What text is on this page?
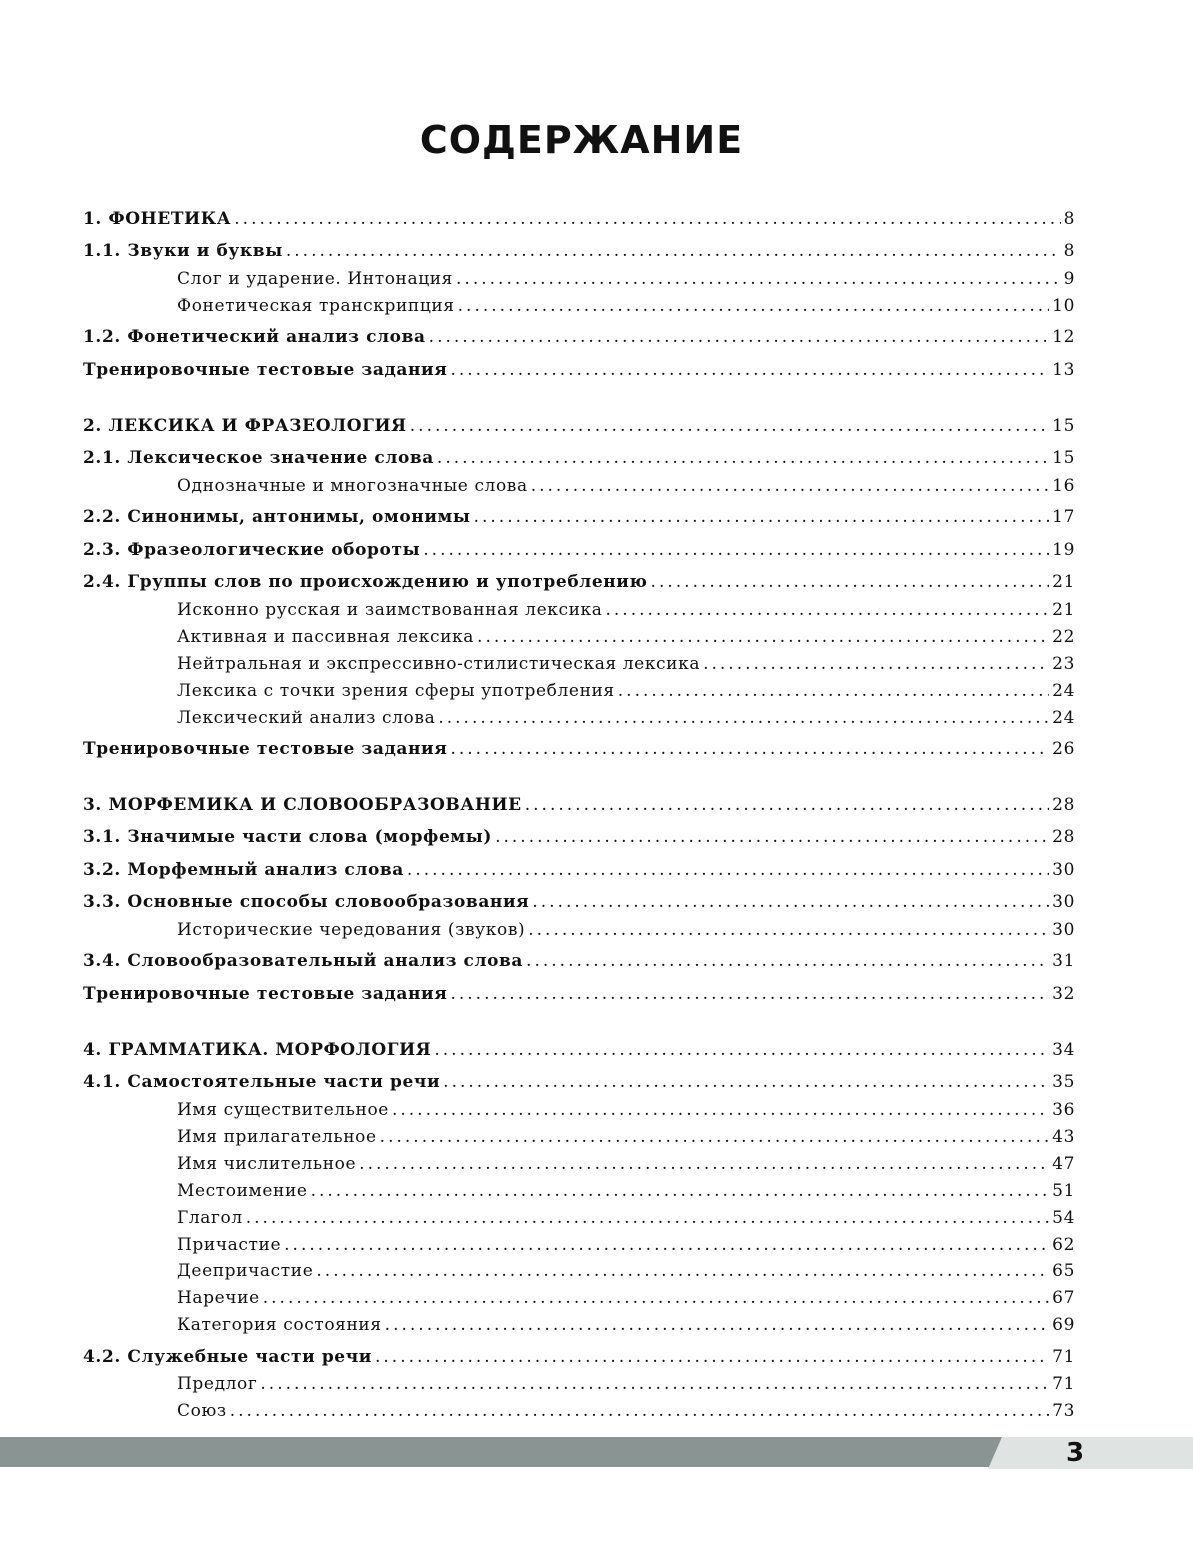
СОДЕРЖАНИЕ
1. ФОНЕТИКА . . .	8
1.1. Звуки и буквы . . .	8
Слог и ударение. Интонация . . .	9
Фонетическая транскрипция . . .	10
1.2. Фонетический анализ слова . . .	12
Тренировочные тестовые задания . . .	13
2. ЛЕКСИКА И ФРАЗЕОЛОГИЯ . . .	15
2.1. Лексическое значение слова . . .	15
Однозначные и многозначные слова . . .	16
2.2. Синонимы, антонимы, омонимы . . .	17
2.3. Фразеологические обороты . . .	19
2.4. Группы слов по происхождению и употреблению . . .	21
Исконно русская и заимствованная лексика . . .	21
Активная и пассивная лексика . . .	22
Нейтральная и экспрессивно-стилистическая лексика . . .	23
Лексика с точки зрения сферы употребления . . .	24
Лексический анализ слова . . .	24
Тренировочные тестовые задания . . .	26
3. МОРФЕМИКА И СЛОВООБРАЗОВАНИЕ . . .	28
3.1. Значимые части слова (морфемы) . . .	28
3.2. Морфемный анализ слова . . .	30
3.3. Основные способы словообразования . . .	30
Исторические чередования (звуков) . . .	30
3.4. Словообразовательный анализ слова . . .	31
Тренировочные тестовые задания . . .	32
4. ГРАММАТИКА. МОРФОЛОГИЯ . . .	34
4.1. Самостоятельные части речи . . .	35
Имя существительное . . .	36
Имя прилагательное . . .	43
Имя числительное . . .	47
Местоимение . . .	51
Глагол . . .	54
Причастие . . .	62
Деепричастие . . .	65
Наречие . . .	67
Категория состояния . . .	69
4.2. Служебные части речи . . .	71
Предлог . . .	71
Союз . . .	73
3
